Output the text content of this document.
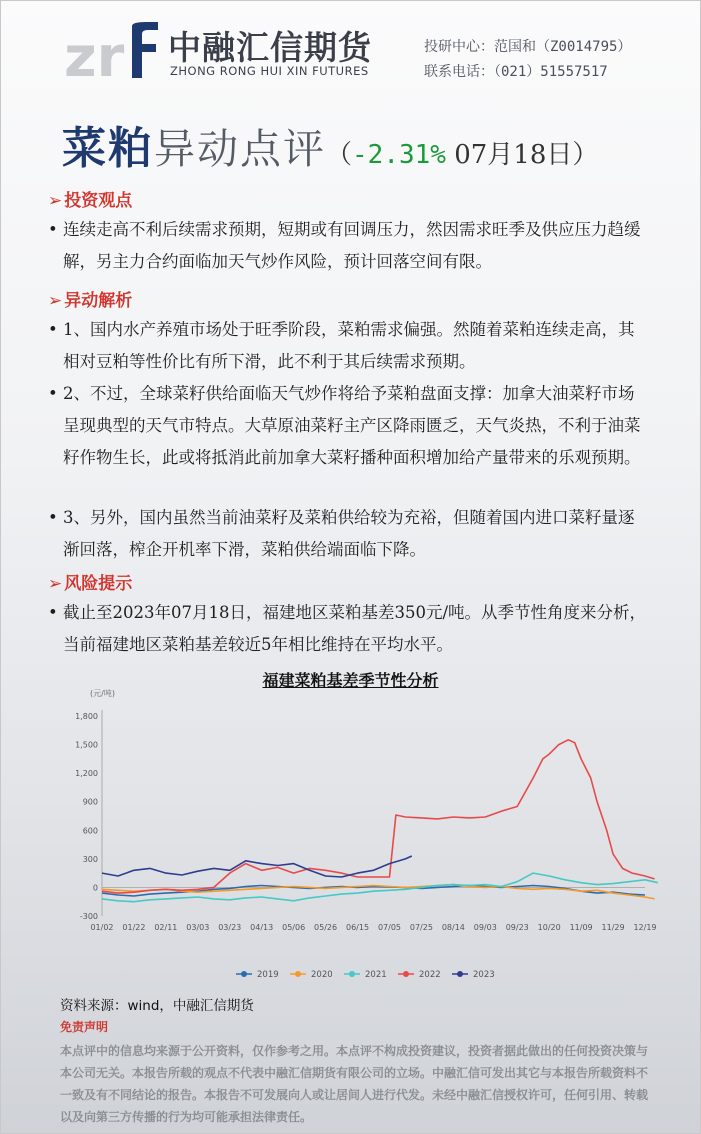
zr 中融汇信期货
ZHONG RONG HUI XIN FUTURES
投研中心：范国和（Z0014795）
联系电话：（021）51557517
菜粕异动点评（-2.31% 07月18日）
➢ 投资观点
• 连续走高不利后续需求预期，短期或有回调压力，然因需求旺季及供应压力趋缓解，另主力合约面临加天气炒作风险，预计回落空间有限。
➢ 异动解析
• 1、国内水产养殖市场处于旺季阶段，菜粕需求偏强。然随着菜粕连续走高，其相对豆粕等性价比有所下滑，此不利于其后续需求预期。
• 2、不过，全球菜籽供给面临天气炒作将给予菜粕盘面支撑：加拿大油菜籽市场呈现典型的天气市特点。大草原油菜籽主产区降雨匮乏，天气炎热，不利于油菜籽作物生长，此或将抵消此前加拿大菜籽播种面积增加给产量带来的乐观预期。
• 3、另外，国内虽然当前油菜籽及菜粕供给较为充裕，但随着国内进口菜籽量逐渐回落，榨企开机率下滑，菜粕供给端面临下降。
➢ 风险提示
• 截止至2023年07月18日，福建地区菜粕基差350元/吨。从季节性角度来分析，当前福建地区菜粕基差较近5年相比维持在平均水平。
福建菜粕基差季节性分析
(元/吨)
1,800
1,500
1,200
900
600
300
0
-300
01/02 01/22 02/11 03/03 03/23 04/13 05/06 05/26 06/15 07/05 07/25 08/14 09/03 09/23 10/20 11/09 11/29 12/19
2019	2020	2021	2022	2023
资料来源：wind，中融汇信期货
免责声明
本点评中的信息均来源于公开资料，仅作参考之用。本点评不构成投资建议，投资者据此做出的任何投资决策与本公司无关。本报告所载的观点不代表中融汇信期货有限公司的立场。中融汇信可发出其它与本报告所载资料不一致及有不同结论的报告。本报告不可发展向人或让居间人进行代发。未经中融汇信授权许可，任何引用、转载以及向第三方传播的行为均可能承担法律责任。
